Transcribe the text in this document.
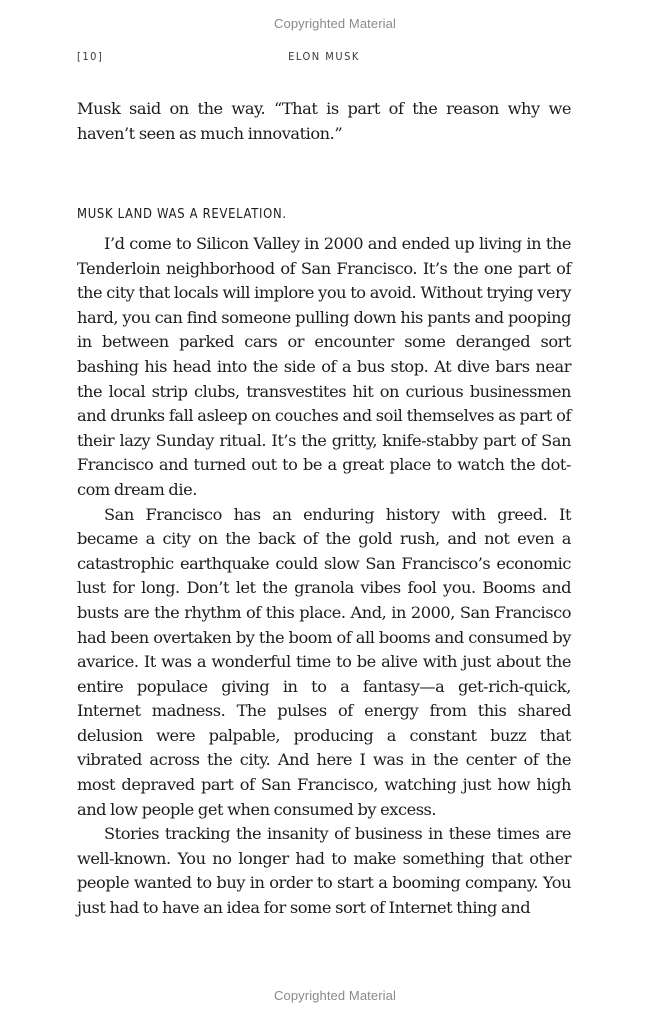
Copyrighted Material
[10]	ELON MUSK

Musk said on the way. “That is part of the reason why we haven’t seen as much innovation.”

MUSK LAND WAS A REVELATION.

I’d come to Silicon Valley in 2000 and ended up living in the Tenderloin neighborhood of San Francisco. It’s the one part of the city that locals will implore you to avoid. Without trying very hard, you can find someone pulling down his pants and pooping in between parked cars or encounter some deranged sort bashing his head into the side of a bus stop. At dive bars near the local strip clubs, transvestites hit on curious businessmen and drunks fall asleep on couches and soil themselves as part of their lazy Sunday ritual. It’s the gritty, knife-stabby part of San Francisco and turned out to be a great place to watch the dot-com dream die.

San Francisco has an enduring history with greed. It became a city on the back of the gold rush, and not even a catastrophic earthquake could slow San Francisco’s economic lust for long. Don’t let the granola vibes fool you. Booms and busts are the rhythm of this place. And, in 2000, San Francisco had been overtaken by the boom of all booms and consumed by avarice. It was a wonderful time to be alive with just about the entire populace giving in to a fantasy—a get-rich-quick, Internet madness. The pulses of energy from this shared delusion were palpable, producing a constant buzz that vibrated across the city. And here I was in the center of the most depraved part of San Francisco, watching just how high and low people get when consumed by excess.

Stories tracking the insanity of business in these times are well-known. You no longer had to make something that other people wanted to buy in order to start a booming company. You just had to have an idea for some sort of Internet thing and

Copyrighted Material
